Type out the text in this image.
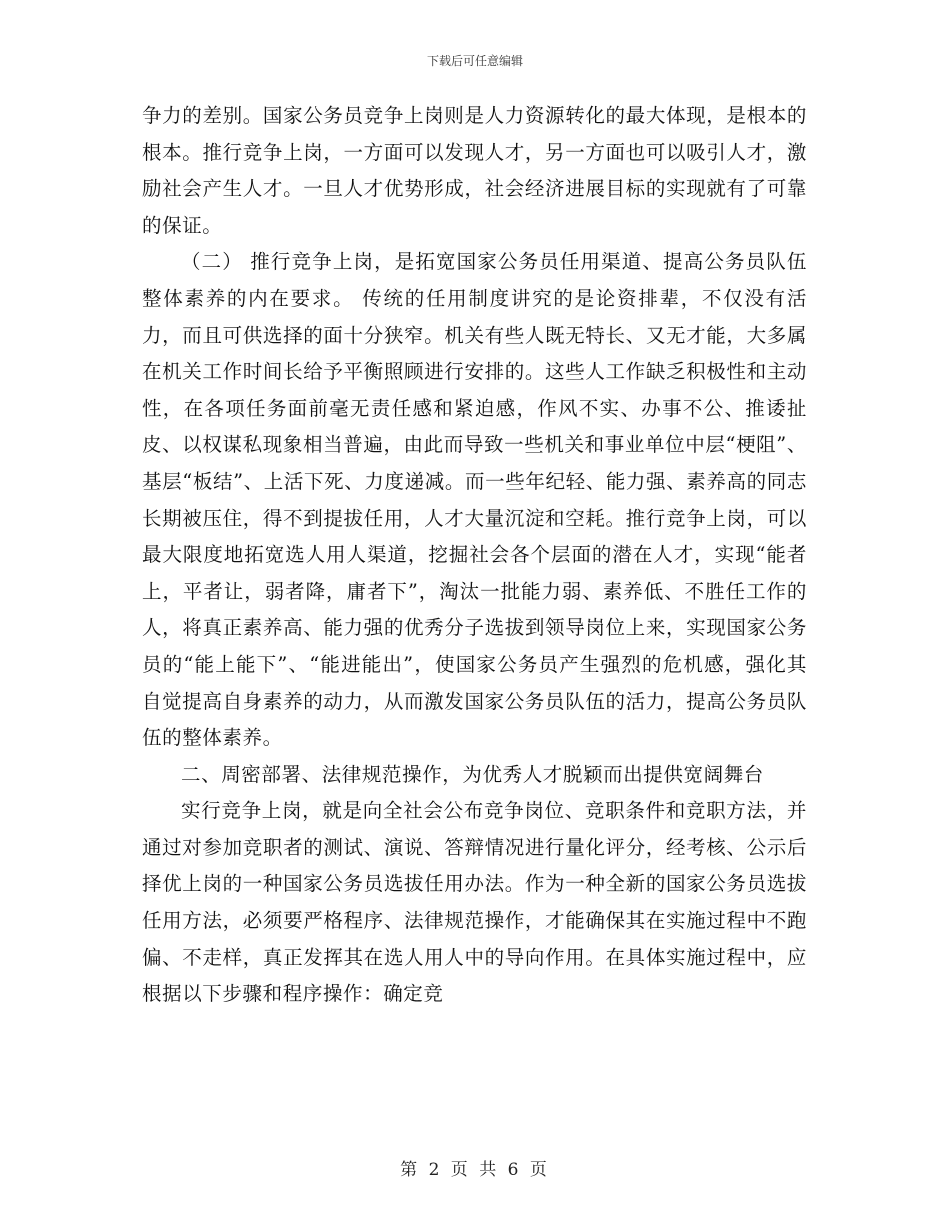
下载后可任意编辑

争力的差别。国家公务员竞争上岗则是人力资源转化的最大体现，是根本的根本。推行竞争上岗，一方面可以发现人才，另一方面也可以吸引人才，激励社会产生人才。一旦人才优势形成，社会经济进展目标的实现就有了可靠的保证。

（二） 推行竞争上岗，是拓宽国家公务员任用渠道、提高公务员队伍整体素养的内在要求。 传统的任用制度讲究的是论资排辈，不仅没有活力，而且可供选择的面十分狭窄。机关有些人既无特长、又无才能，大多属在机关工作时间长给予平衡照顾进行安排的。这些人工作缺乏积极性和主动性，在各项任务面前毫无责任感和紧迫感，作风不实、办事不公、推诿扯皮、以权谋私现象相当普遍，由此而导致一些机关和事业单位中层“梗阻”、基层“板结”、上活下死、力度递减。而一些年纪轻、能力强、素养高的同志长期被压住，得不到提拔任用，人才大量沉淀和空耗。推行竞争上岗，可以最大限度地拓宽选人用人渠道，挖掘社会各个层面的潜在人才，实现“能者上，平者让，弱者降，庸者下”，淘汰一批能力弱、素养低、不胜任工作的人，将真正素养高、能力强的优秀分子选拔到领导岗位上来，实现国家公务员的“能上能下”、“能进能出”，使国家公务员产生强烈的危机感，强化其自觉提高自身素养的动力，从而激发国家公务员队伍的活力，提高公务员队伍的整体素养。

二、周密部署、法律规范操作，为优秀人才脱颖而出提供宽阔舞台

实行竞争上岗，就是向全社会公布竞争岗位、竞职条件和竞职方法，并通过对参加竞职者的测试、演说、答辩情况进行量化评分，经考核、公示后择优上岗的一种国家公务员选拔任用办法。作为一种全新的国家公务员选拔任用方法，必须要严格程序、法律规范操作，才能确保其在实施过程中不跑偏、不走样，真正发挥其在选人用人中的导向作用。在具体实施过程中，应根据以下步骤和程序操作：确定竞

第 2 页 共 6 页
